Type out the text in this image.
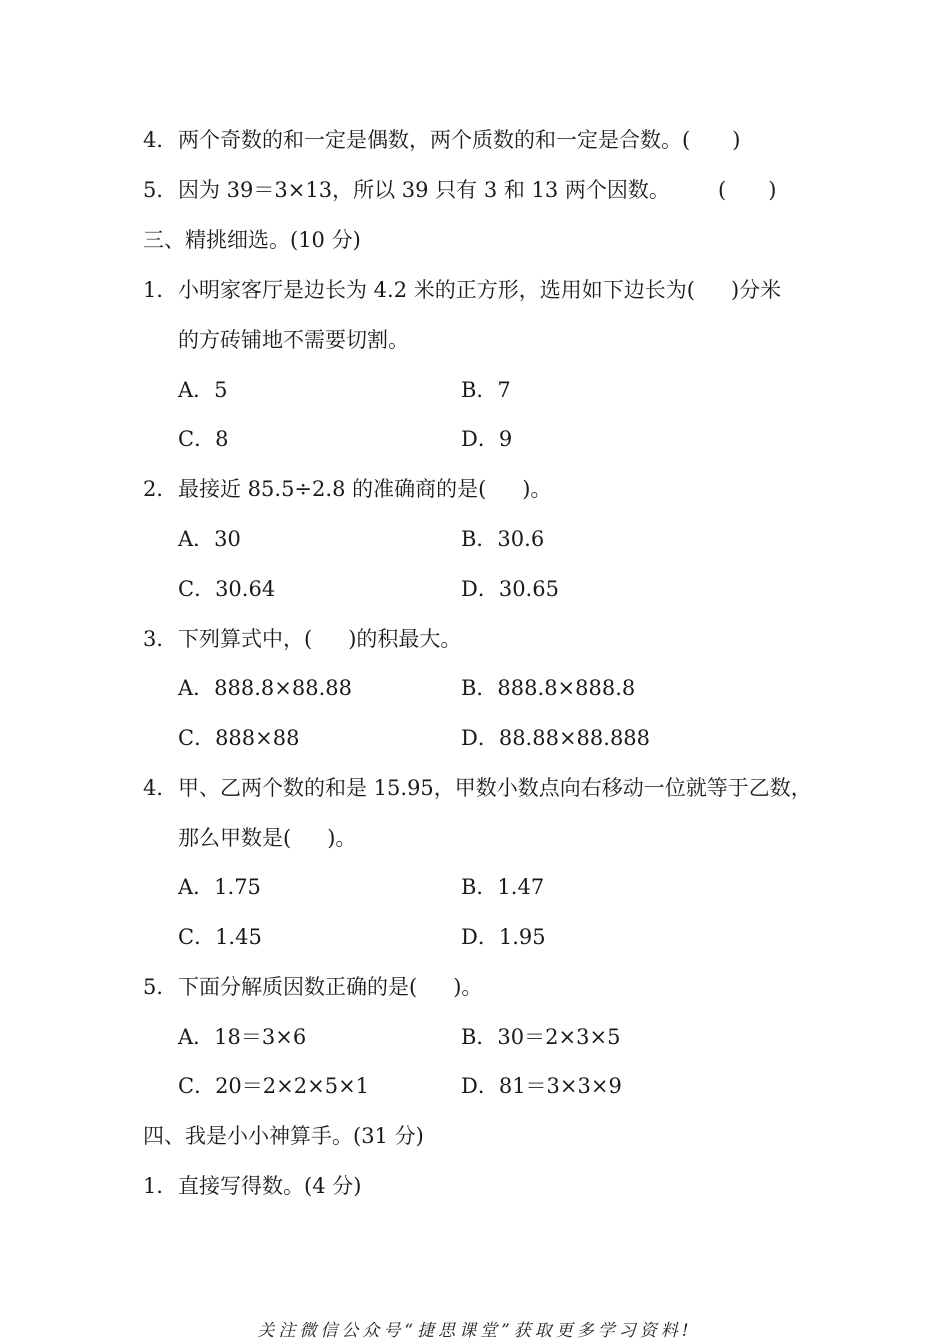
4． 两个奇数的和一定是偶数，两个质数的和一定是合数。(　　)
5． 因为 39＝3×13，所以 39 只有 3 和 13 两个因数。 (　　)
三、精挑细选。(10 分)
1． 小明家客厅是边长为 4.2 米的正方形，选用如下边长为( )分米
的方砖铺地不需要切割。
A．5	B．7
C．8	D．9
2． 最接近 85.5÷2.8 的准确商的是( )。
A．30	B．30.6
C．30.64	D．30.65
3． 下列算式中，( )的积最大。
A．888.8×88.88	B．888.8×888.8
C．888×88	D．88.88×88.888
4． 甲、乙两个数的和是 15.95，甲数小数点向右移动一位就等于乙数，
那么甲数是( )。
A．1.75	B．1.47
C．1.45	D．1.95
5． 下面分解质因数正确的是( )。
A．18＝3×6	B．30＝2×3×5
C．20＝2×2×5×1	D．81＝3×3×9
四、我是小小神算手。(31 分)
1． 直接写得数。(4 分)
关注微信公众号“捷思课堂”获取更多学习资料!
